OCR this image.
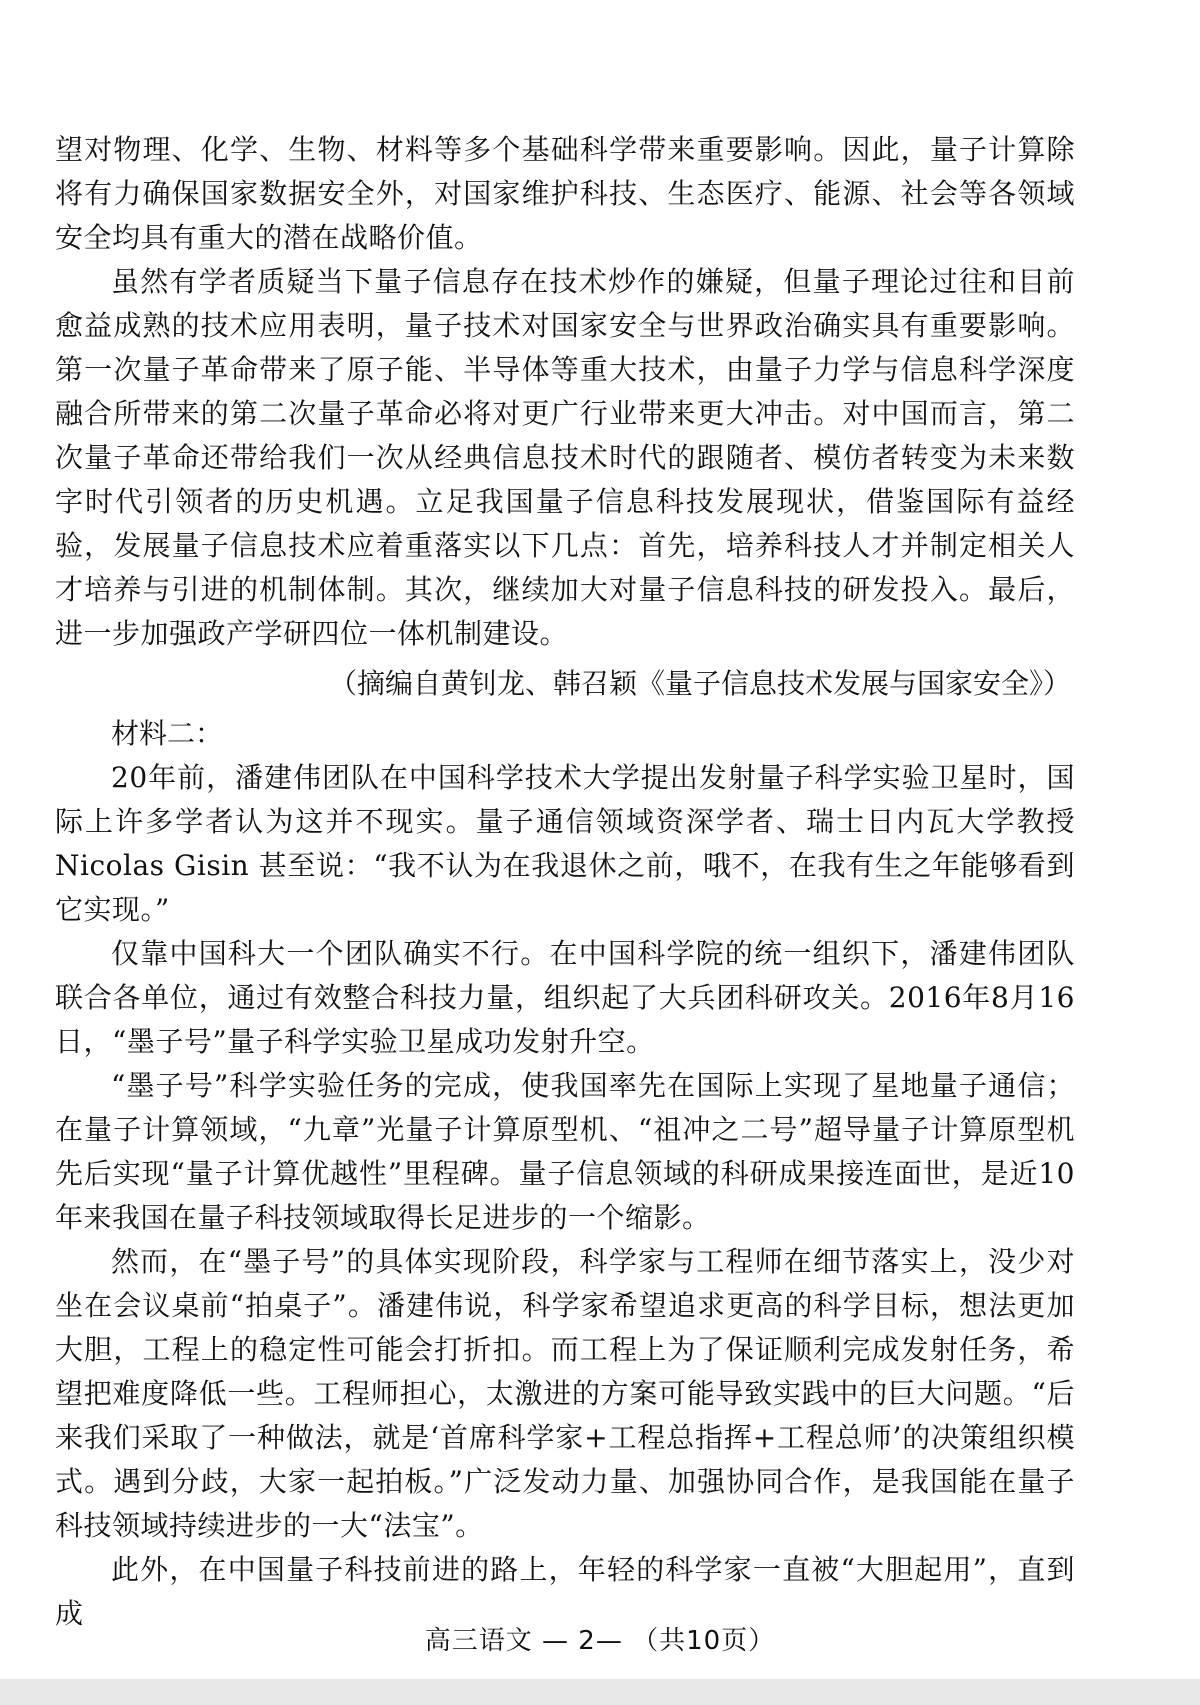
望对物理、化学、生物、材料等多个基础科学带来重要影响。因此，量子计算除将有力确保国家数据安全外，对国家维护科技、生态医疗、能源、社会等各领域安全均具有重大的潜在战略价值。

虽然有学者质疑当下量子信息存在技术炒作的嫌疑，但量子理论过往和目前愈益成熟的技术应用表明，量子技术对国家安全与世界政治确实具有重要影响。第一次量子革命带来了原子能、半导体等重大技术，由量子力学与信息科学深度融合所带来的第二次量子革命必将对更广行业带来更大冲击。对中国而言，第二次量子革命还带给我们一次从经典信息技术时代的跟随者、模仿者转变为未来数字时代引领者的历史机遇。立足我国量子信息科技发展现状，借鉴国际有益经验，发展量子信息技术应着重落实以下几点：首先，培养科技人才并制定相关人才培养与引进的机制体制。其次，继续加大对量子信息科技的研发投入。最后，进一步加强政产学研四位一体机制建设。

（摘编自黄钊龙、韩召颖《量子信息技术发展与国家安全》）

材料二：

20年前，潘建伟团队在中国科学技术大学提出发射量子科学实验卫星时，国际上许多学者认为这并不现实。量子通信领域资深学者、瑞士日内瓦大学教授 Nicolas Gisin 甚至说：“我不认为在我退休之前，哦不，在我有生之年能够看到它实现。”

仅靠中国科大一个团队确实不行。在中国科学院的统一组织下，潘建伟团队联合各单位，通过有效整合科技力量，组织起了大兵团科研攻关。2016年8月16日，“墨子号”量子科学实验卫星成功发射升空。

“墨子号”科学实验任务的完成，使我国率先在国际上实现了星地量子通信；在量子计算领域，“九章”光量子计算原型机、“祖冲之二号”超导量子计算原型机先后实现“量子计算优越性”里程碑。量子信息领域的科研成果接连面世，是近10年来我国在量子科技领域取得长足进步的一个缩影。

然而，在“墨子号”的具体实现阶段，科学家与工程师在细节落实上，没少对坐在会议桌前“拍桌子”。潘建伟说，科学家希望追求更高的科学目标，想法更加大胆，工程上的稳定性可能会打折扣。而工程上为了保证顺利完成发射任务，希望把难度降低一些。工程师担心，太激进的方案可能导致实践中的巨大问题。“后来我们采取了一种做法，就是‘首席科学家+工程总指挥+工程总师’的决策组织模式。遇到分歧，大家一起拍板。”广泛发动力量、加强协同合作，是我国能在量子科技领域持续进步的一大“法宝”。

此外，在中国量子科技前进的路上，年轻的科学家一直被“大胆起用”，直到成

高三语文 — 2— （共10页）
